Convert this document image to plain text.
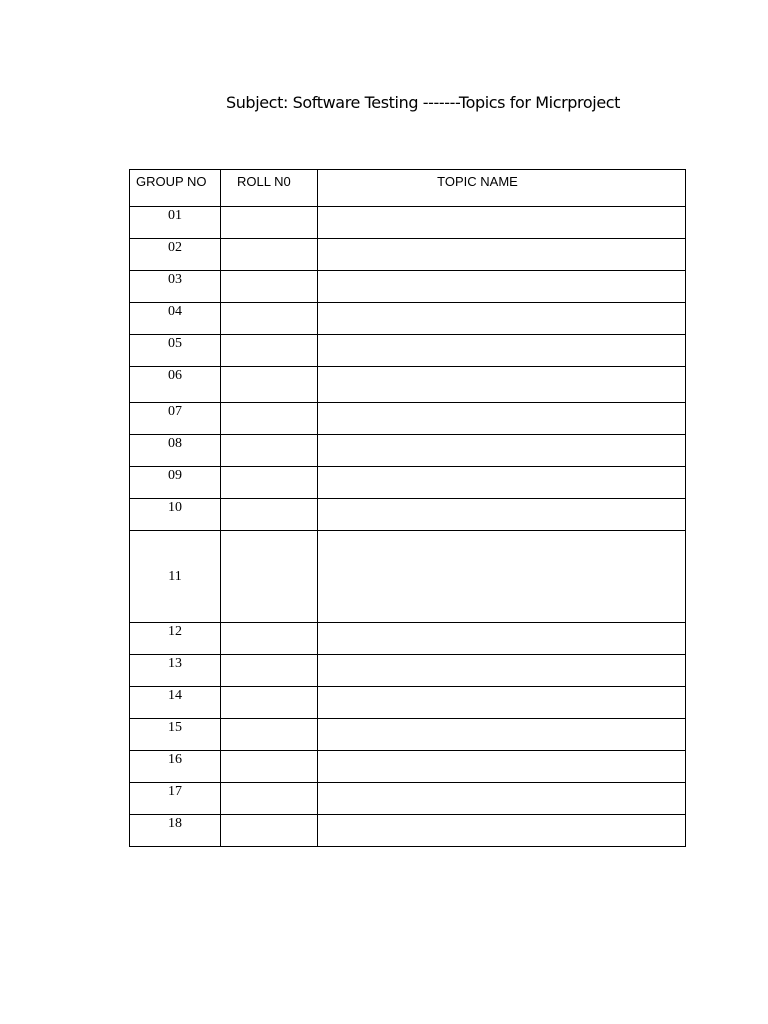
Subject: Software Testing -------Topics for Micrproject
GROUP NO	ROLL N0	TOPIC NAME

01		

02		

03		

04		

05		

06		

07		

08		

09		

10		

11		

12		

13		

14		

15		

16		

17		

18		
